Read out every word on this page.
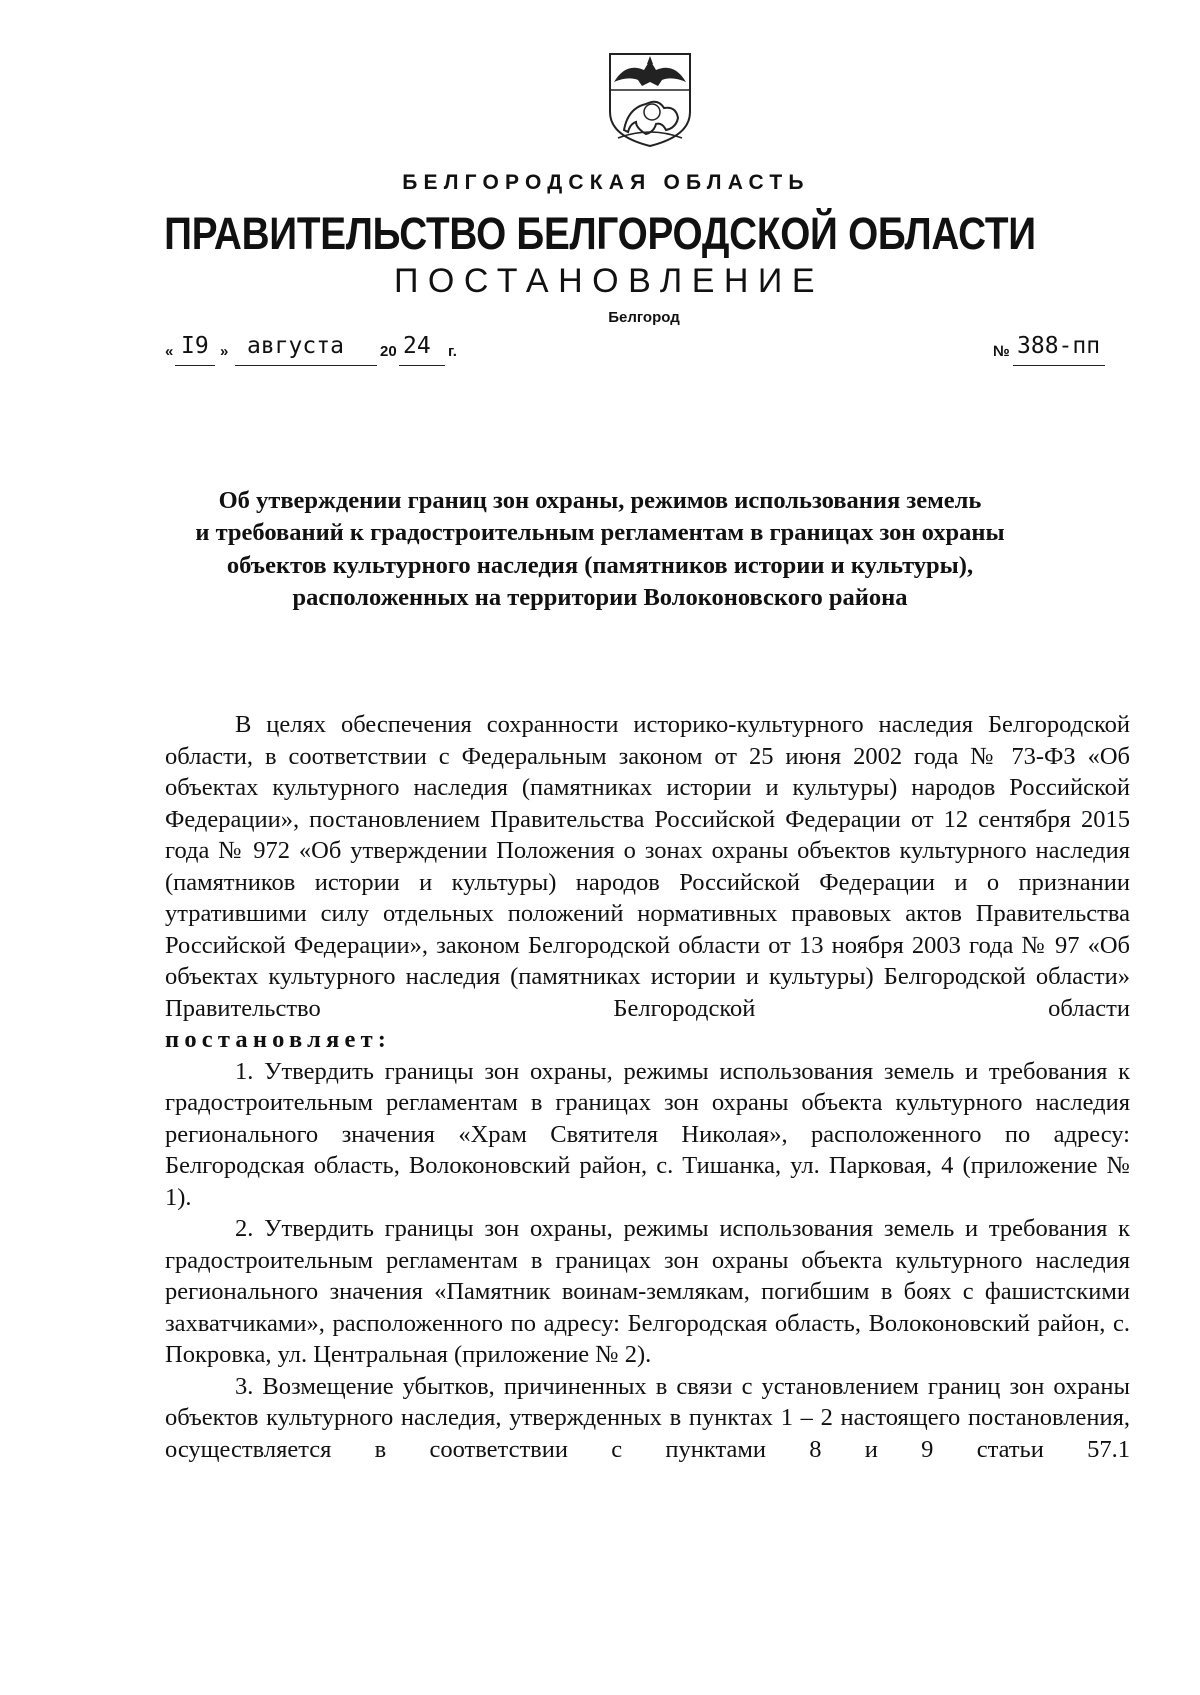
БЕЛГОРОДСКАЯ ОБЛАСТЬ
ПРАВИТЕЛЬСТВО БЕЛГОРОДСКОЙ ОБЛАСТИ
ПОСТАНОВЛЕНИЕ
Белгород
« I9 » августа 20 24 г.	№ 388-пп
Об утверждении границ зон охраны, режимов использования земель
и требований к градостроительным регламентам в границах зон охраны
объектов культурного наследия (памятников истории и культуры),
расположенных на территории Волоконовского района

В целях обеспечения сохранности историко-культурного наследия Белгородской области, в соответствии с Федеральным законом от 25 июня 2002 года № 73-ФЗ «Об объектах культурного наследия (памятниках истории и культуры) народов Российской Федерации», постановлением Правительства Российской Федерации от 12 сентября 2015 года № 972 «Об утверждении Положения о зонах охраны объектов культурного наследия (памятников истории и культуры) народов Российской Федерации и о признании утратившими силу отдельных положений нормативных правовых актов Правительства Российской Федерации», законом Белгородской области от 13 ноября 2003 года № 97 «Об объектах культурного наследия (памятниках истории и культуры) Белгородской области» Правительство Белгородской области

постановляет:

1. Утвердить границы зон охраны, режимы использования земель и требования к градостроительным регламентам в границах зон охраны объекта культурного наследия регионального значения «Храм Святителя Николая», расположенного по адресу: Белгородская область, Волоконовский район, с. Тишанка, ул. Парковая, 4 (приложение № 1).

2. Утвердить границы зон охраны, режимы использования земель и требования к градостроительным регламентам в границах зон охраны объекта культурного наследия регионального значения «Памятник воинам-землякам, погибшим в боях с фашистскими захватчиками», расположенного по адресу: Белгородская область, Волоконовский район, с. Покровка, ул. Центральная (приложение № 2).

3. Возмещение убытков, причиненных в связи с установлением границ зон охраны объектов культурного наследия, утвержденных в пунктах 1 – 2 настоящего постановления, осуществляется в соответствии с пунктами 8 и 9 статьи 57.1
